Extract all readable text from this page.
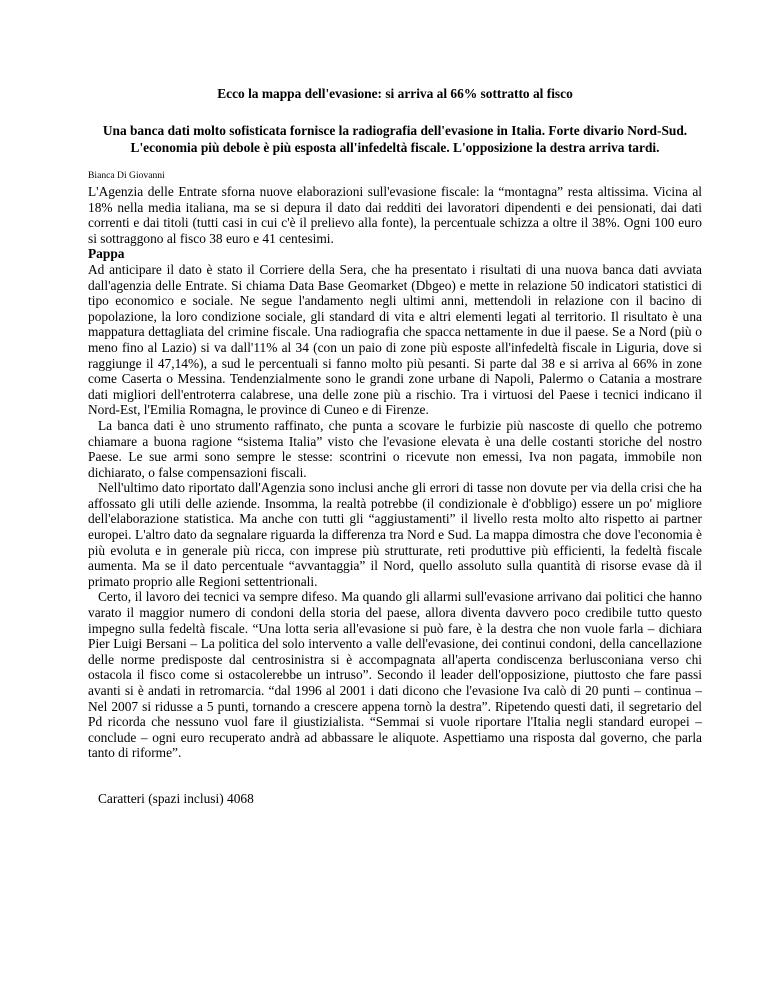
Ecco la mappa dell'evasione: si arriva al 66% sottratto al fisco

Una banca dati molto sofisticata fornisce la radiografia dell'evasione in Italia. Forte divario Nord-Sud. L'economia più debole è più esposta all'infedeltà fiscale. L'opposizione la destra arriva tardi.

Bianca Di Giovanni

L'Agenzia delle Entrate sforna nuove elaborazioni sull'evasione fiscale: la “montagna” resta altissima. Vicina al 18% nella media italiana, ma se si depura il dato dai redditi dei lavoratori dipendenti e dei pensionati, dai dati correnti e dai titoli (tutti casi in cui c'è il prelievo alla fonte), la percentuale schizza a oltre il 38%. Ogni 100 euro si sottraggono al fisco 38 euro e 41 centesimi.

Pappa

Ad anticipare il dato è stato il Corriere della Sera, che ha presentato i risultati di una nuova banca dati avviata dall'agenzia delle Entrate. Si chiama Data Base Geomarket (Dbgeo) e mette in relazione 50 indicatori statistici di tipo economico e sociale. Ne segue l'andamento negli ultimi anni, mettendoli in relazione con il bacino di popolazione, la loro condizione sociale, gli standard di vita e altri elementi legati al territorio. Il risultato è una mappatura dettagliata del crimine fiscale. Una radiografia che spacca nettamente in due il paese. Se a Nord (più o meno fino al Lazio) si va dall'11% al 34 (con un paio di zone più esposte all'infedeltà fiscale in Liguria, dove si raggiunge il 47,14%), a sud le percentuali si fanno molto più pesanti. Si parte dal 38 e si arriva al 66% in zone come Caserta o Messina. Tendenzialmente sono le grandi zone urbane di Napoli, Palermo o Catania a mostrare dati migliori dell'entroterra calabrese, una delle zone più a rischio. Tra i virtuosi del Paese i tecnici indicano il Nord-Est, l'Emilia Romagna, le province di Cuneo e di Firenze.

La banca dati è uno strumento raffinato, che punta a scovare le furbizie più nascoste di quello che potremo chiamare a buona ragione “sistema Italia” visto che l'evasione elevata è una delle costanti storiche del nostro Paese. Le sue armi sono sempre le stesse: scontrini o ricevute non emessi, Iva non pagata, immobile non dichiarato, o false compensazioni fiscali.

Nell'ultimo dato riportato dall'Agenzia sono inclusi anche gli errori di tasse non dovute per via della crisi che ha affossato gli utili delle aziende. Insomma, la realtà potrebbe (il condizionale è d'obbligo) essere un po' migliore dell'elaborazione statistica. Ma anche con tutti gli “aggiustamenti” il livello resta molto alto rispetto ai partner europei. L'altro dato da segnalare riguarda la differenza tra Nord e Sud. La mappa dimostra che dove l'economia è più evoluta e in generale più ricca, con imprese più strutturate, reti produttive più efficienti, la fedeltà fiscale aumenta. Ma se il dato percentuale “avvantaggia” il Nord, quello assoluto sulla quantità di risorse evase dà il primato proprio alle Regioni settentrionali.

Certo, il lavoro dei tecnici va sempre difeso. Ma quando gli allarmi sull'evasione arrivano dai politici che hanno varato il maggior numero di condoni della storia del paese, allora diventa davvero poco credibile tutto questo impegno sulla fedeltà fiscale. “Una lotta seria all'evasione si può fare, è la destra che non vuole farla – dichiara Pier Luigi Bersani – La politica del solo intervento a valle dell'evasione, dei continui condoni, della cancellazione delle norme predisposte dal centrosinistra si è accompagnata all'aperta condiscenza berlusconiana verso chi ostacola il fisco come si ostacolerebbe un intruso”. Secondo il leader dell'opposizione, piuttosto che fare passi avanti si è andati in retromarcia. “dal 1996 al 2001 i dati dicono che l'evasione Iva calò di 20 punti – continua – Nel 2007 si ridusse a 5 punti, tornando a crescere appena tornò la destra”. Ripetendo questi dati, il segretario del Pd ricorda che nessuno vuol fare il giustizialista. “Semmai si vuole riportare l'Italia negli standard europei – conclude – ogni euro recuperato andrà ad abbassare le aliquote. Aspettiamo una risposta dal governo, che parla tanto di riforme”.

Caratteri (spazi inclusi) 4068
